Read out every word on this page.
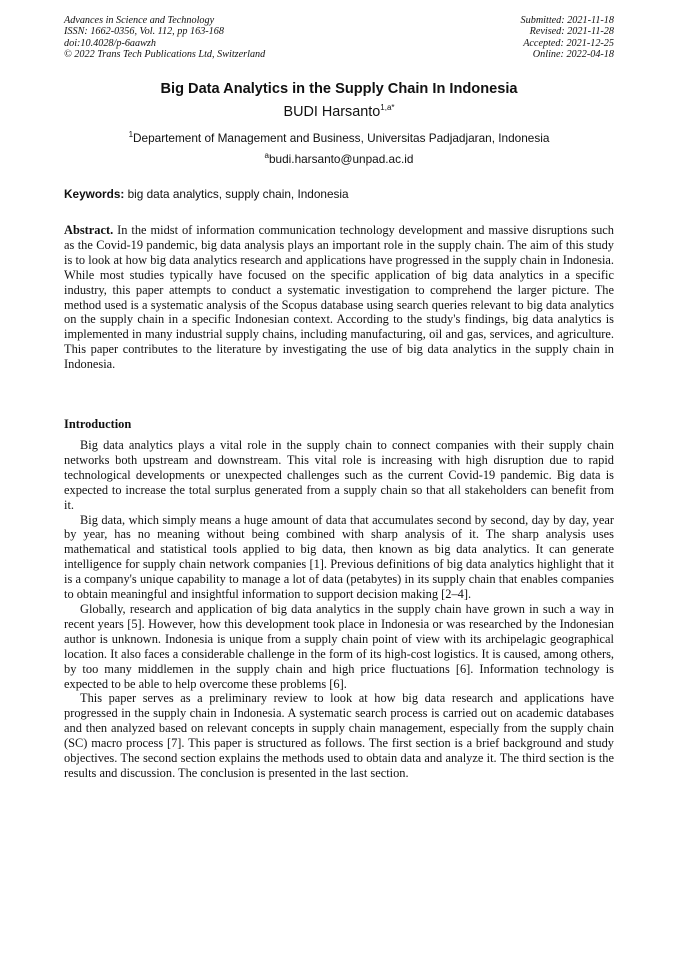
Advances in Science and Technology
ISSN: 1662-0356, Vol. 112, pp 163-168
doi:10.4028/p-6aawzh
© 2022 Trans Tech Publications Ltd, Switzerland
Submitted: 2021-11-18
Revised: 2021-11-28
Accepted: 2021-12-25
Online: 2022-04-18
Big Data Analytics in the Supply Chain In Indonesia
BUDI Harsanto$^{1,a*}$
$^1$Departement of Management and Business, Universitas Padjadjaran, Indonesia
$^a$budi.harsanto@unpad.ac.id
Keywords: big data analytics, supply chain, Indonesia

Abstract. In the midst of information communication technology development and massive disruptions such as the Covid-19 pandemic, big data analysis plays an important role in the supply chain. The aim of this study is to look at how big data analytics research and applications have progressed in the supply chain in Indonesia. While most studies typically have focused on the specific application of big data analytics in a specific industry, this paper attempts to conduct a systematic investigation to comprehend the larger picture. The method used is a systematic analysis of the Scopus database using search queries relevant to big data analytics on the supply chain in a specific Indonesian context. According to the study's findings, big data analytics is implemented in many industrial supply chains, including manufacturing, oil and gas, services, and agriculture. This paper contributes to the literature by investigating the use of big data analytics in the supply chain in Indonesia.

Introduction

Big data analytics plays a vital role in the supply chain to connect companies with their supply chain networks both upstream and downstream. This vital role is increasing with high disruption due to rapid technological developments or unexpected challenges such as the current Covid-19 pandemic. Big data is expected to increase the total surplus generated from a supply chain so that all stakeholders can benefit from it.

Big data, which simply means a huge amount of data that accumulates second by second, day by day, year by year, has no meaning without being combined with sharp analysis of it. The sharp analysis uses mathematical and statistical tools applied to big data, then known as big data analytics. It can generate intelligence for supply chain network companies [1]. Previous definitions of big data analytics highlight that it is a company's unique capability to manage a lot of data (petabytes) in its supply chain that enables companies to obtain meaningful and insightful information to support decision making [2–4].

Globally, research and application of big data analytics in the supply chain have grown in such a way in recent years [5]. However, how this development took place in Indonesia or was researched by the Indonesian author is unknown. Indonesia is unique from a supply chain point of view with its archipelagic geographical location. It also faces a considerable challenge in the form of its high-cost logistics. It is caused, among others, by too many middlemen in the supply chain and high price fluctuations [6]. Information technology is expected to be able to help overcome these problems [6].

This paper serves as a preliminary review to look at how big data research and applications have progressed in the supply chain in Indonesia. A systematic search process is carried out on academic databases and then analyzed based on relevant concepts in supply chain management, especially from the supply chain (SC) macro process [7]. This paper is structured as follows. The first section is a brief background and study objectives. The second section explains the methods used to obtain data and analyze it. The third section is the results and discussion. The conclusion is presented in the last section.
